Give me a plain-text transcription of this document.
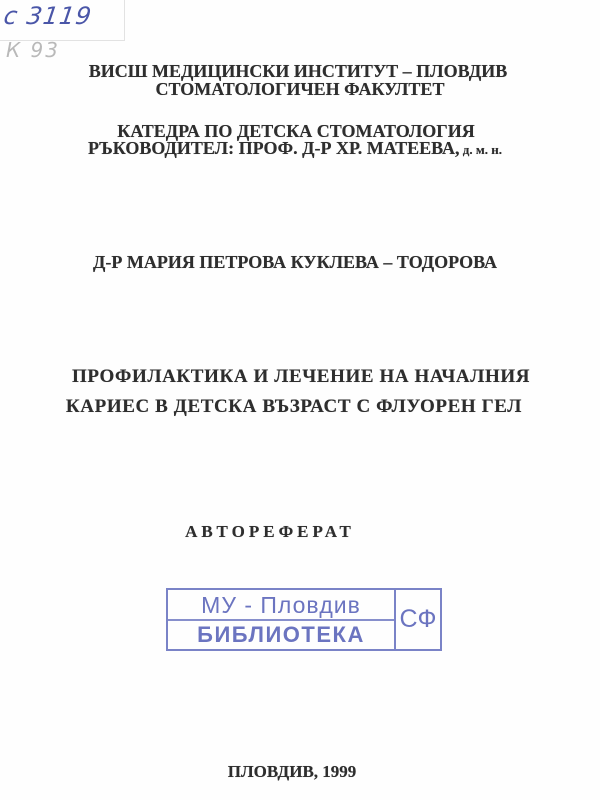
с 3119
К 93
ВИСШ МЕДИЦИНСКИ ИНСТИТУТ – ПЛОВДИВ
СТОМАТОЛОГИЧЕН ФАКУЛТЕТ
КАТЕДРА ПО ДЕТСКА СТОМАТОЛОГИЯ
РЪКОВОДИТЕЛ: ПРОФ. Д-Р ХР. МАТЕЕВА, д. м. н.
Д-Р МАРИЯ ПЕТРОВА КУКЛЕВА – ТОДОРОВА
ПРОФИЛАКТИКА И ЛЕЧЕНИЕ НА НАЧАЛНИЯ
КАРИЕС В ДЕТСКА ВЪЗРАСТ С ФЛУОРЕН ГЕЛ
АВТОРЕФЕРАТ
МУ - Пловдив
БИБЛИОТЕКА
СФ
ПЛОВДИВ, 1999
